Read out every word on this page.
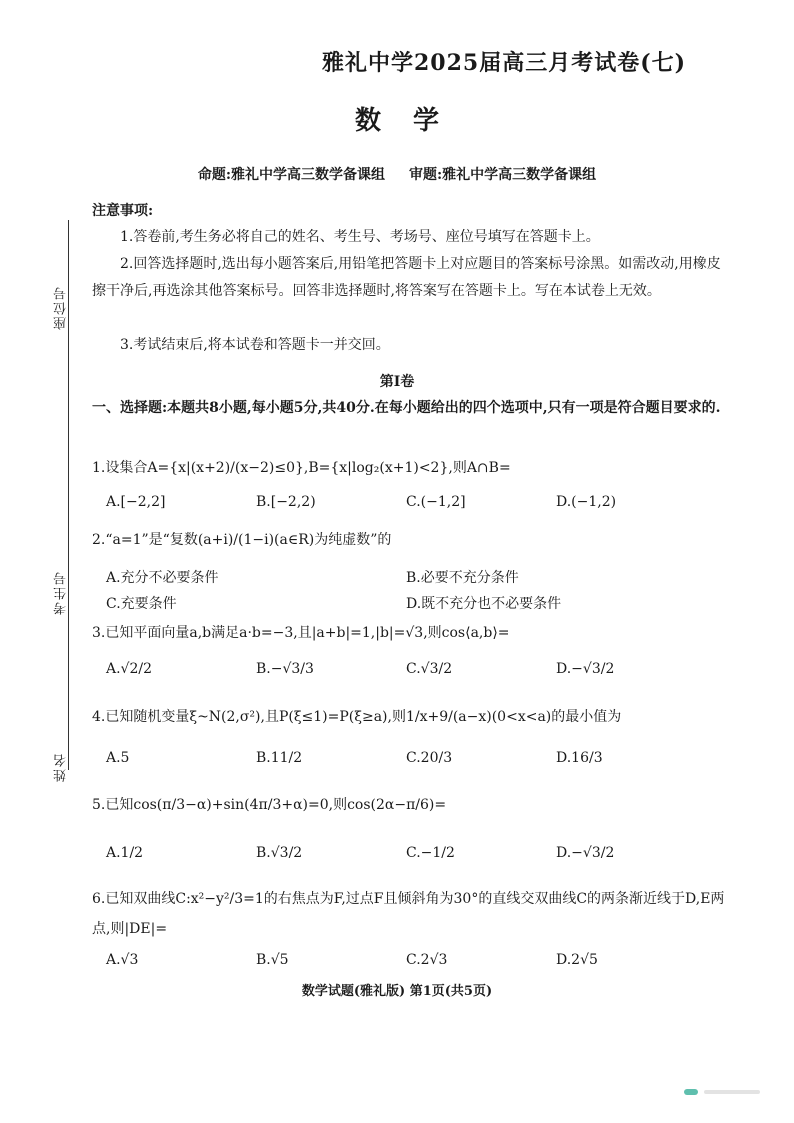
座位号
考生号
姓名
雅礼中学2025届高三月考试卷(七)
数学
命题:雅礼中学高三数学备课组 审题:雅礼中学高三数学备课组
注意事项:
1.答卷前,考生务必将自己的姓名、考生号、考场号、座位号填写在答题卡上。
2.回答选择题时,选出每小题答案后,用铅笔把答题卡上对应题目的答案标号涂黑。如需改动,用橡皮擦干净后,再选涂其他答案标号。回答非选择题时,将答案写在答题卡上。写在本试卷上无效。
3.考试结束后,将本试卷和答题卡一并交回。
第Ⅰ卷
一、选择题:本题共8小题,每小题5分,共40分.在每小题给出的四个选项中,只有一项是符合题目要求的.
1.设集合A={x|(x+2)/(x−2)≤0},B={x|log₂(x+1)<2},则A∩B=
A.[−2,2]	B.[−2,2)	C.(−1,2]	D.(−1,2)
2.“a=1”是“复数(a+i)/(1−i)(a∈R)为纯虚数”的
A.充分不必要条件	B.必要不充分条件
C.充要条件	D.既不充分也不必要条件
3.已知平面向量a,b满足a·b=−3,且|a+b|=1,|b|=√3,则cos⟨a,b⟩=
A.√2/2	B.−√3/3	C.√3/2	D.−√3/2
4.已知随机变量ξ~N(2,σ²),且P(ξ≤1)=P(ξ≥a),则1/x+9/(a−x)(0<x<a)的最小值为
A.5	B.11/2	C.20/3	D.16/3
5.已知cos(π/3−α)+sin(4π/3+α)=0,则cos(2α−π/6)=
A.1/2	B.√3/2	C.−1/2	D.−√3/2
6.已知双曲线C:x²−y²/3=1的右焦点为F,过点F且倾斜角为30°的直线交双曲线C的两条渐近线于D,E两点,则|DE|=
A.√3	B.√5	C.2√3	D.2√5
数学试题(雅礼版) 第1页(共5页)
